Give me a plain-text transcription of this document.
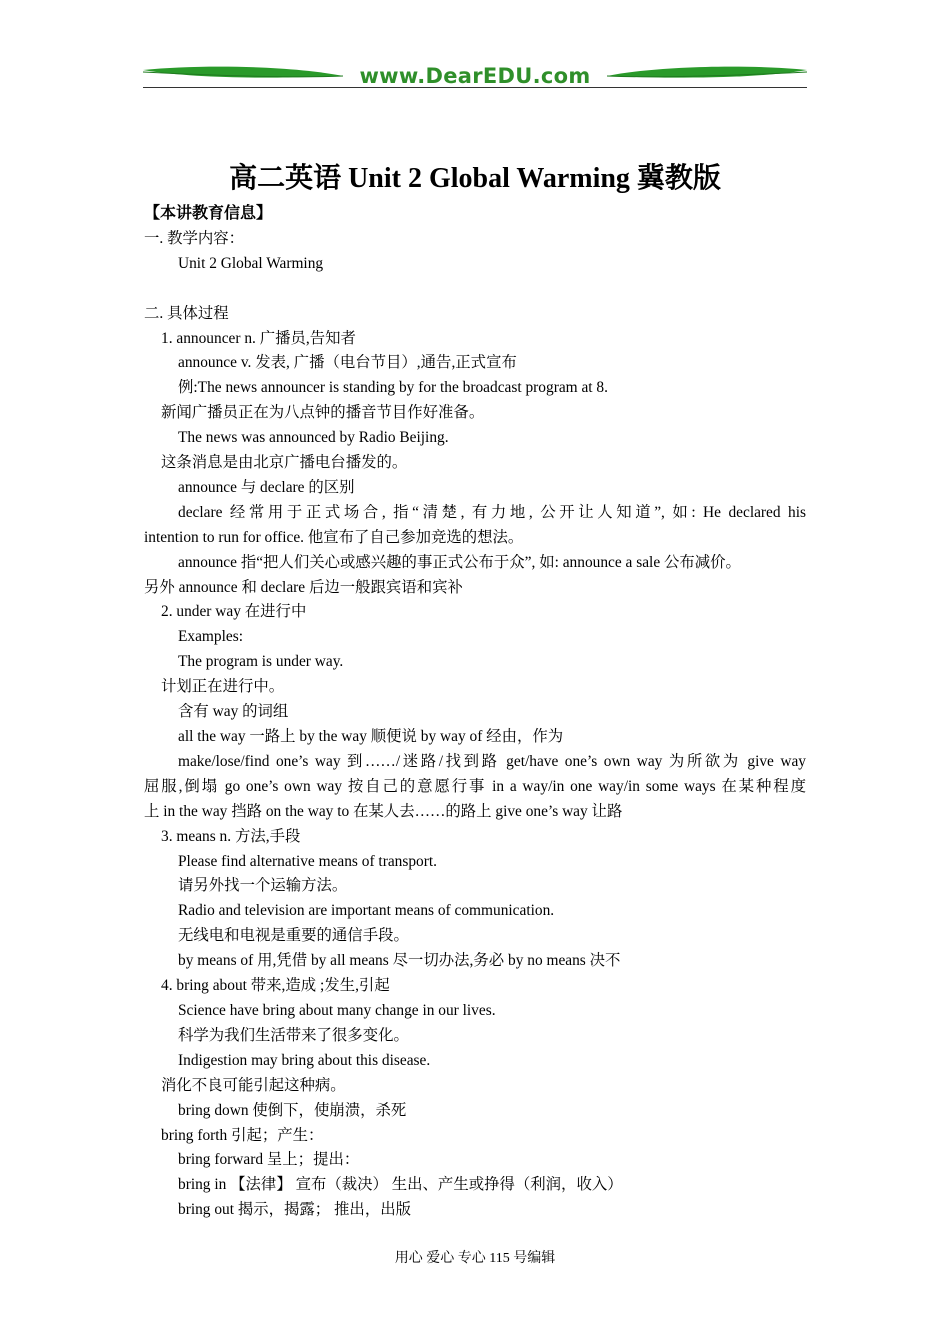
www.DearEDU.com
高二英语 Unit 2 Global Warming 冀教版
【本讲教育信息】
一. 教学内容：
Unit 2 Global Warming
二. 具体过程
1. announcer n. 广播员,告知者
announce v. 发表, 广播（电台节目）,通告,正式宣布
例:The news announcer is standing by for the broadcast program at 8.
新闻广播员正在为八点钟的播音节目作好准备。
The news was announced by Radio Beijing.
这条消息是由北京广播电台播发的。
announce 与 declare 的区别
declare 经常用于正式场合, 指“清楚, 有力地, 公开让人知道”, 如: He declared his
intention to run for office. 他宣布了自己参加竞选的想法。
announce 指“把人们关心或感兴趣的事正式公布于众”, 如: announce a sale 公布减价。
另外 announce 和 declare 后边一般跟宾语和宾补
2. under way 在进行中
Examples:
The program is under way.
计划正在进行中。
含有 way 的词组
all the way 一路上 by the way 顺便说 by way of 经由，作为
make/lose/find one’s way 到……/迷路/找到路 get/have one’s own way 为所欲为 give way
屈服,倒塌 go one’s own way 按自己的意愿行事 in a way/in one way/in some ways 在某种程度
上 in the way 挡路 on the way to 在某人去……的路上 give one’s way 让路
3. means n. 方法,手段
Please find alternative means of transport.
请另外找一个运输方法。
Radio and television are important means of communication.
无线电和电视是重要的通信手段。
by means of 用,凭借 by all means 尽一切办法,务必 by no means 决不
4. bring about 带来,造成 ;发生,引起
Science have bring about many change in our lives.
科学为我们生活带来了很多变化。
Indigestion may bring about this disease.
消化不良可能引起这种病。
bring down 使倒下，使崩溃，杀死
bring forth 引起；产生：
bring forward 呈上；提出：
bring in 【法律】 宣布（裁决） 生出、产生或挣得（利润，收入）
bring out 揭示，揭露； 推出，出版
用心 爱心 专心 115 号编辑
